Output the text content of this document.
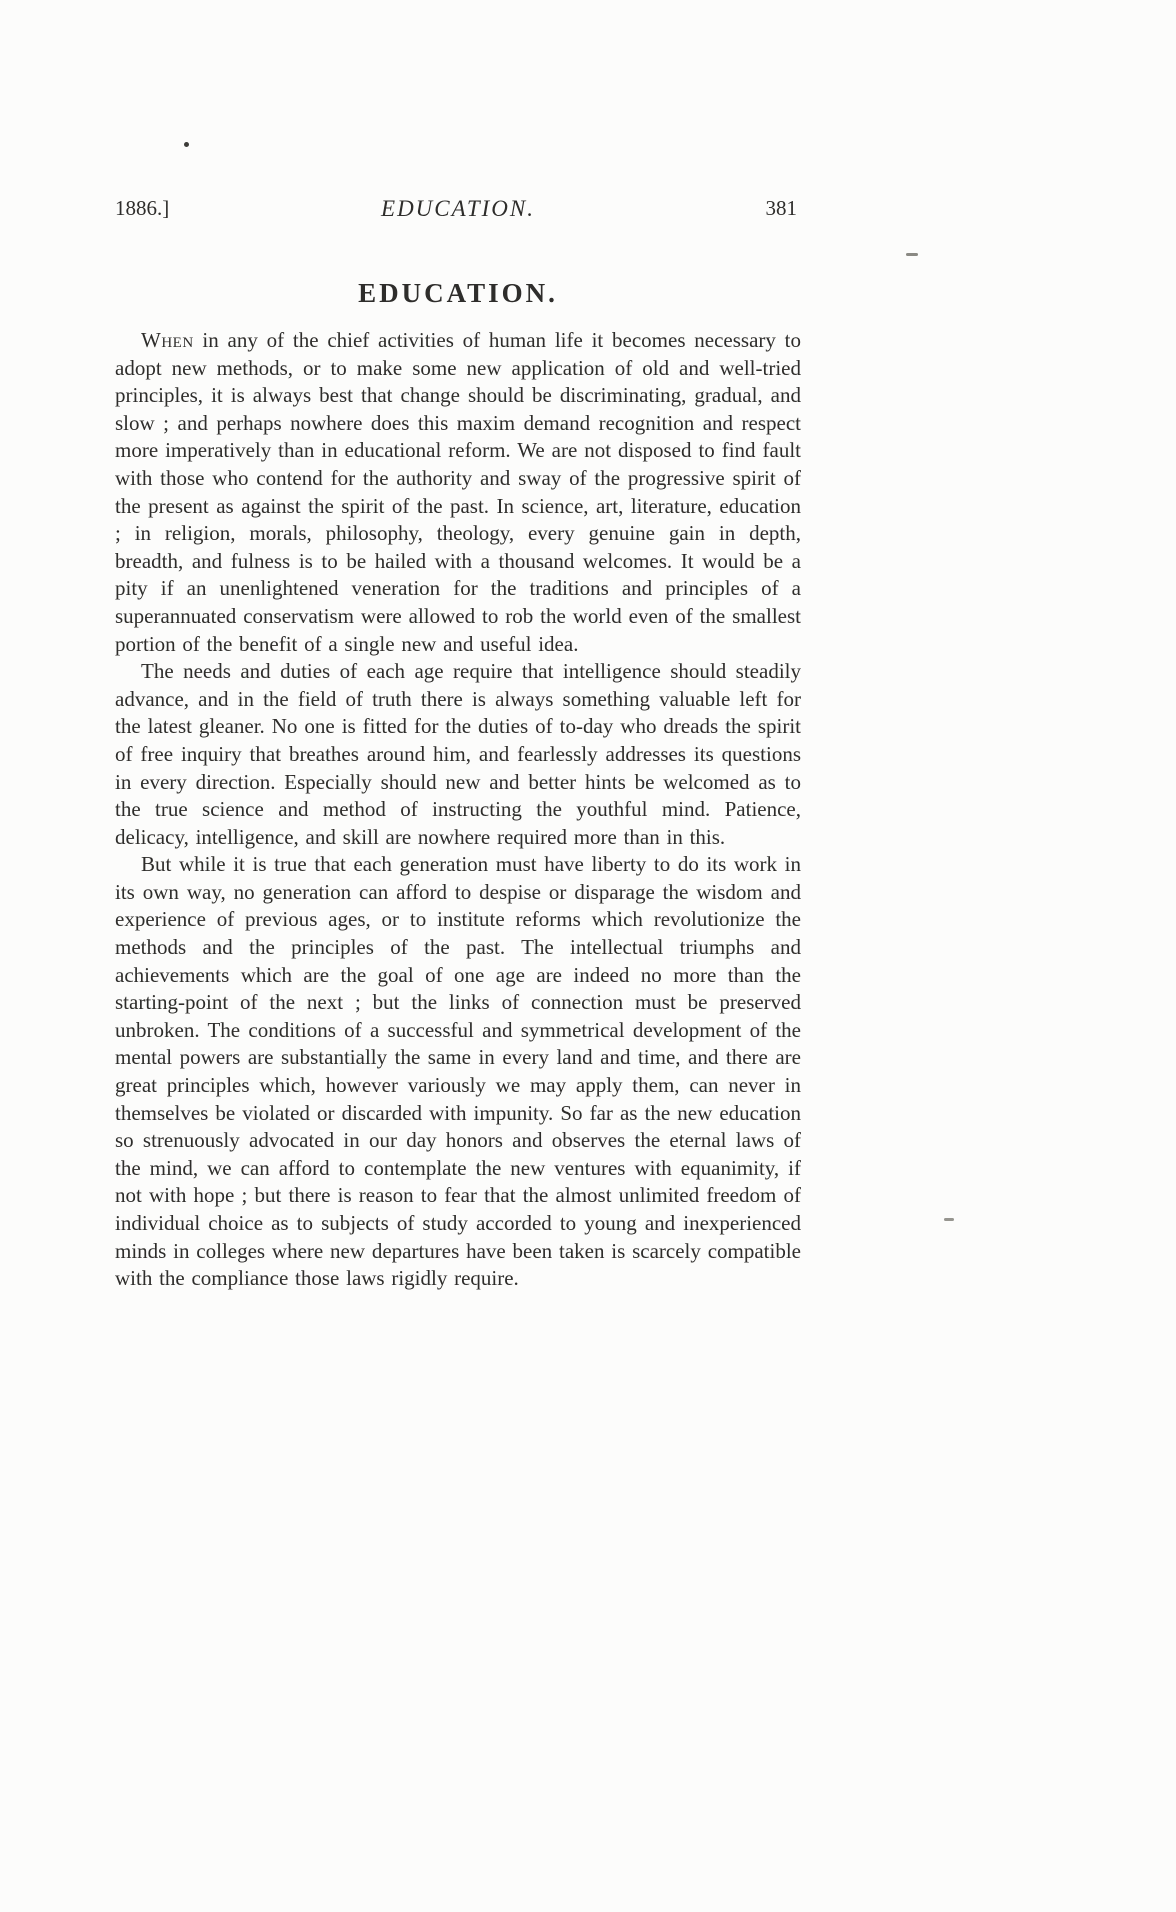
1886.]	EDUCATION.	381
EDUCATION.

When in any of the chief activities of human life it becomes necessary to adopt new methods, or to make some new application of old and well-tried principles, it is always best that change should be discriminating, gradual, and slow ; and perhaps nowhere does this maxim demand recognition and respect more imperatively than in educational reform. We are not disposed to find fault with those who contend for the authority and sway of the progressive spirit of the present as against the spirit of the past. In science, art, literature, education ; in religion, morals, philosophy, theology, every genuine gain in depth, breadth, and fulness is to be hailed with a thousand welcomes. It would be a pity if an unenlightened veneration for the traditions and principles of a superannuated conservatism were allowed to rob the world even of the smallest portion of the benefit of a single new and useful idea.

The needs and duties of each age require that intelligence should steadily advance, and in the field of truth there is always something valuable left for the latest gleaner. No one is fitted for the duties of to-day who dreads the spirit of free inquiry that breathes around him, and fearlessly addresses its questions in every direction. Especially should new and better hints be welcomed as to the true science and method of instructing the youthful mind. Patience, delicacy, intelligence, and skill are nowhere required more than in this.

But while it is true that each generation must have liberty to do its work in its own way, no generation can afford to despise or disparage the wisdom and experience of previous ages, or to institute reforms which revolutionize the methods and the principles of the past. The intellectual triumphs and achievements which are the goal of one age are indeed no more than the starting-point of the next ; but the links of connection must be preserved unbroken. The conditions of a successful and symmetrical development of the mental powers are substantially the same in every land and time, and there are great principles which, however variously we may apply them, can never in themselves be violated or discarded with impunity. So far as the new education so strenuously advocated in our day honors and observes the eternal laws of the mind, we can afford to contemplate the new ventures with equanimity, if not with hope ; but there is reason to fear that the almost unlimited freedom of individual choice as to subjects of study accorded to young and inexperienced minds in colleges where new departures have been taken is scarcely compatible with the compliance those laws rigidly require.
